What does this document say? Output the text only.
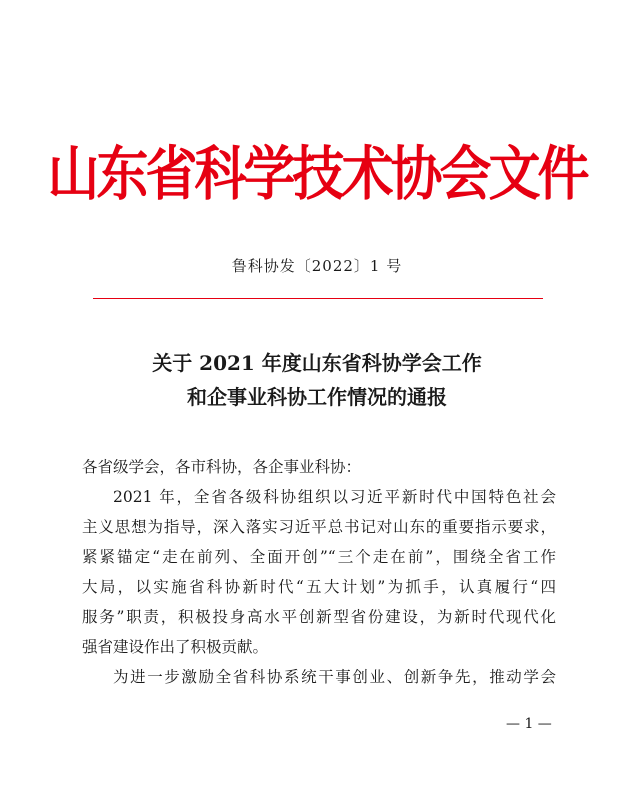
山东省科学技术协会文件
鲁科协发〔2022〕1 号
关于 2021 年度山东省科协学会工作
和企事业科协工作情况的通报
各省级学会，各市科协，各企事业科协：
2021 年，全省各级科协组织以习近平新时代中国特色社会
主义思想为指导，深入落实习近平总书记对山东的重要指示要求，
紧紧锚定“走在前列、全面开创”“三个走在前”，围绕全省工作
大局，以实施省科协新时代“五大计划”为抓手，认真履行“四
服务”职责，积极投身高水平创新型省份建设，为新时代现代化
强省建设作出了积极贡献。
为进一步激励全省科协系统干事创业、创新争先，推动学会
— 1 —
